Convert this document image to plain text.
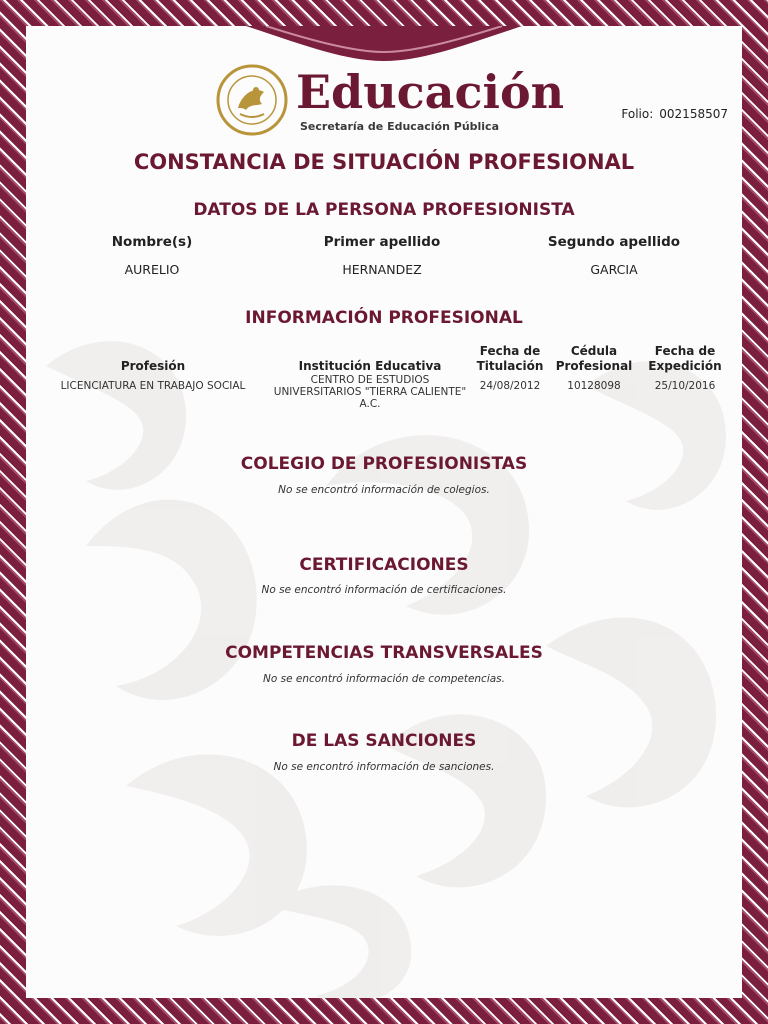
Educación
Secretaría de Educación Pública
Folio: 002158507
CONSTANCIA DE SITUACIÓN PROFESIONAL
DATOS DE LA PERSONA PROFESIONISTA
Nombre(s)
AURELIO
Primer apellido
HERNANDEZ
Segundo apellido
GARCIA
INFORMACIÓN PROFESIONAL
Profesión
LICENCIATURA EN TRABAJO SOCIAL
Institución Educativa
CENTRO DE ESTUDIOS UNIVERSITARIOS "TIERRA CALIENTE" A.C.
Fecha de Titulación
24/08/2012
Cédula Profesional
10128098
Fecha de Expedición
25/10/2016
COLEGIO DE PROFESIONISTAS
No se encontró información de colegios.
CERTIFICACIONES
No se encontró información de certificaciones.
COMPETENCIAS TRANSVERSALES
No se encontró información de competencias.
DE LAS SANCIONES
No se encontró información de sanciones.
